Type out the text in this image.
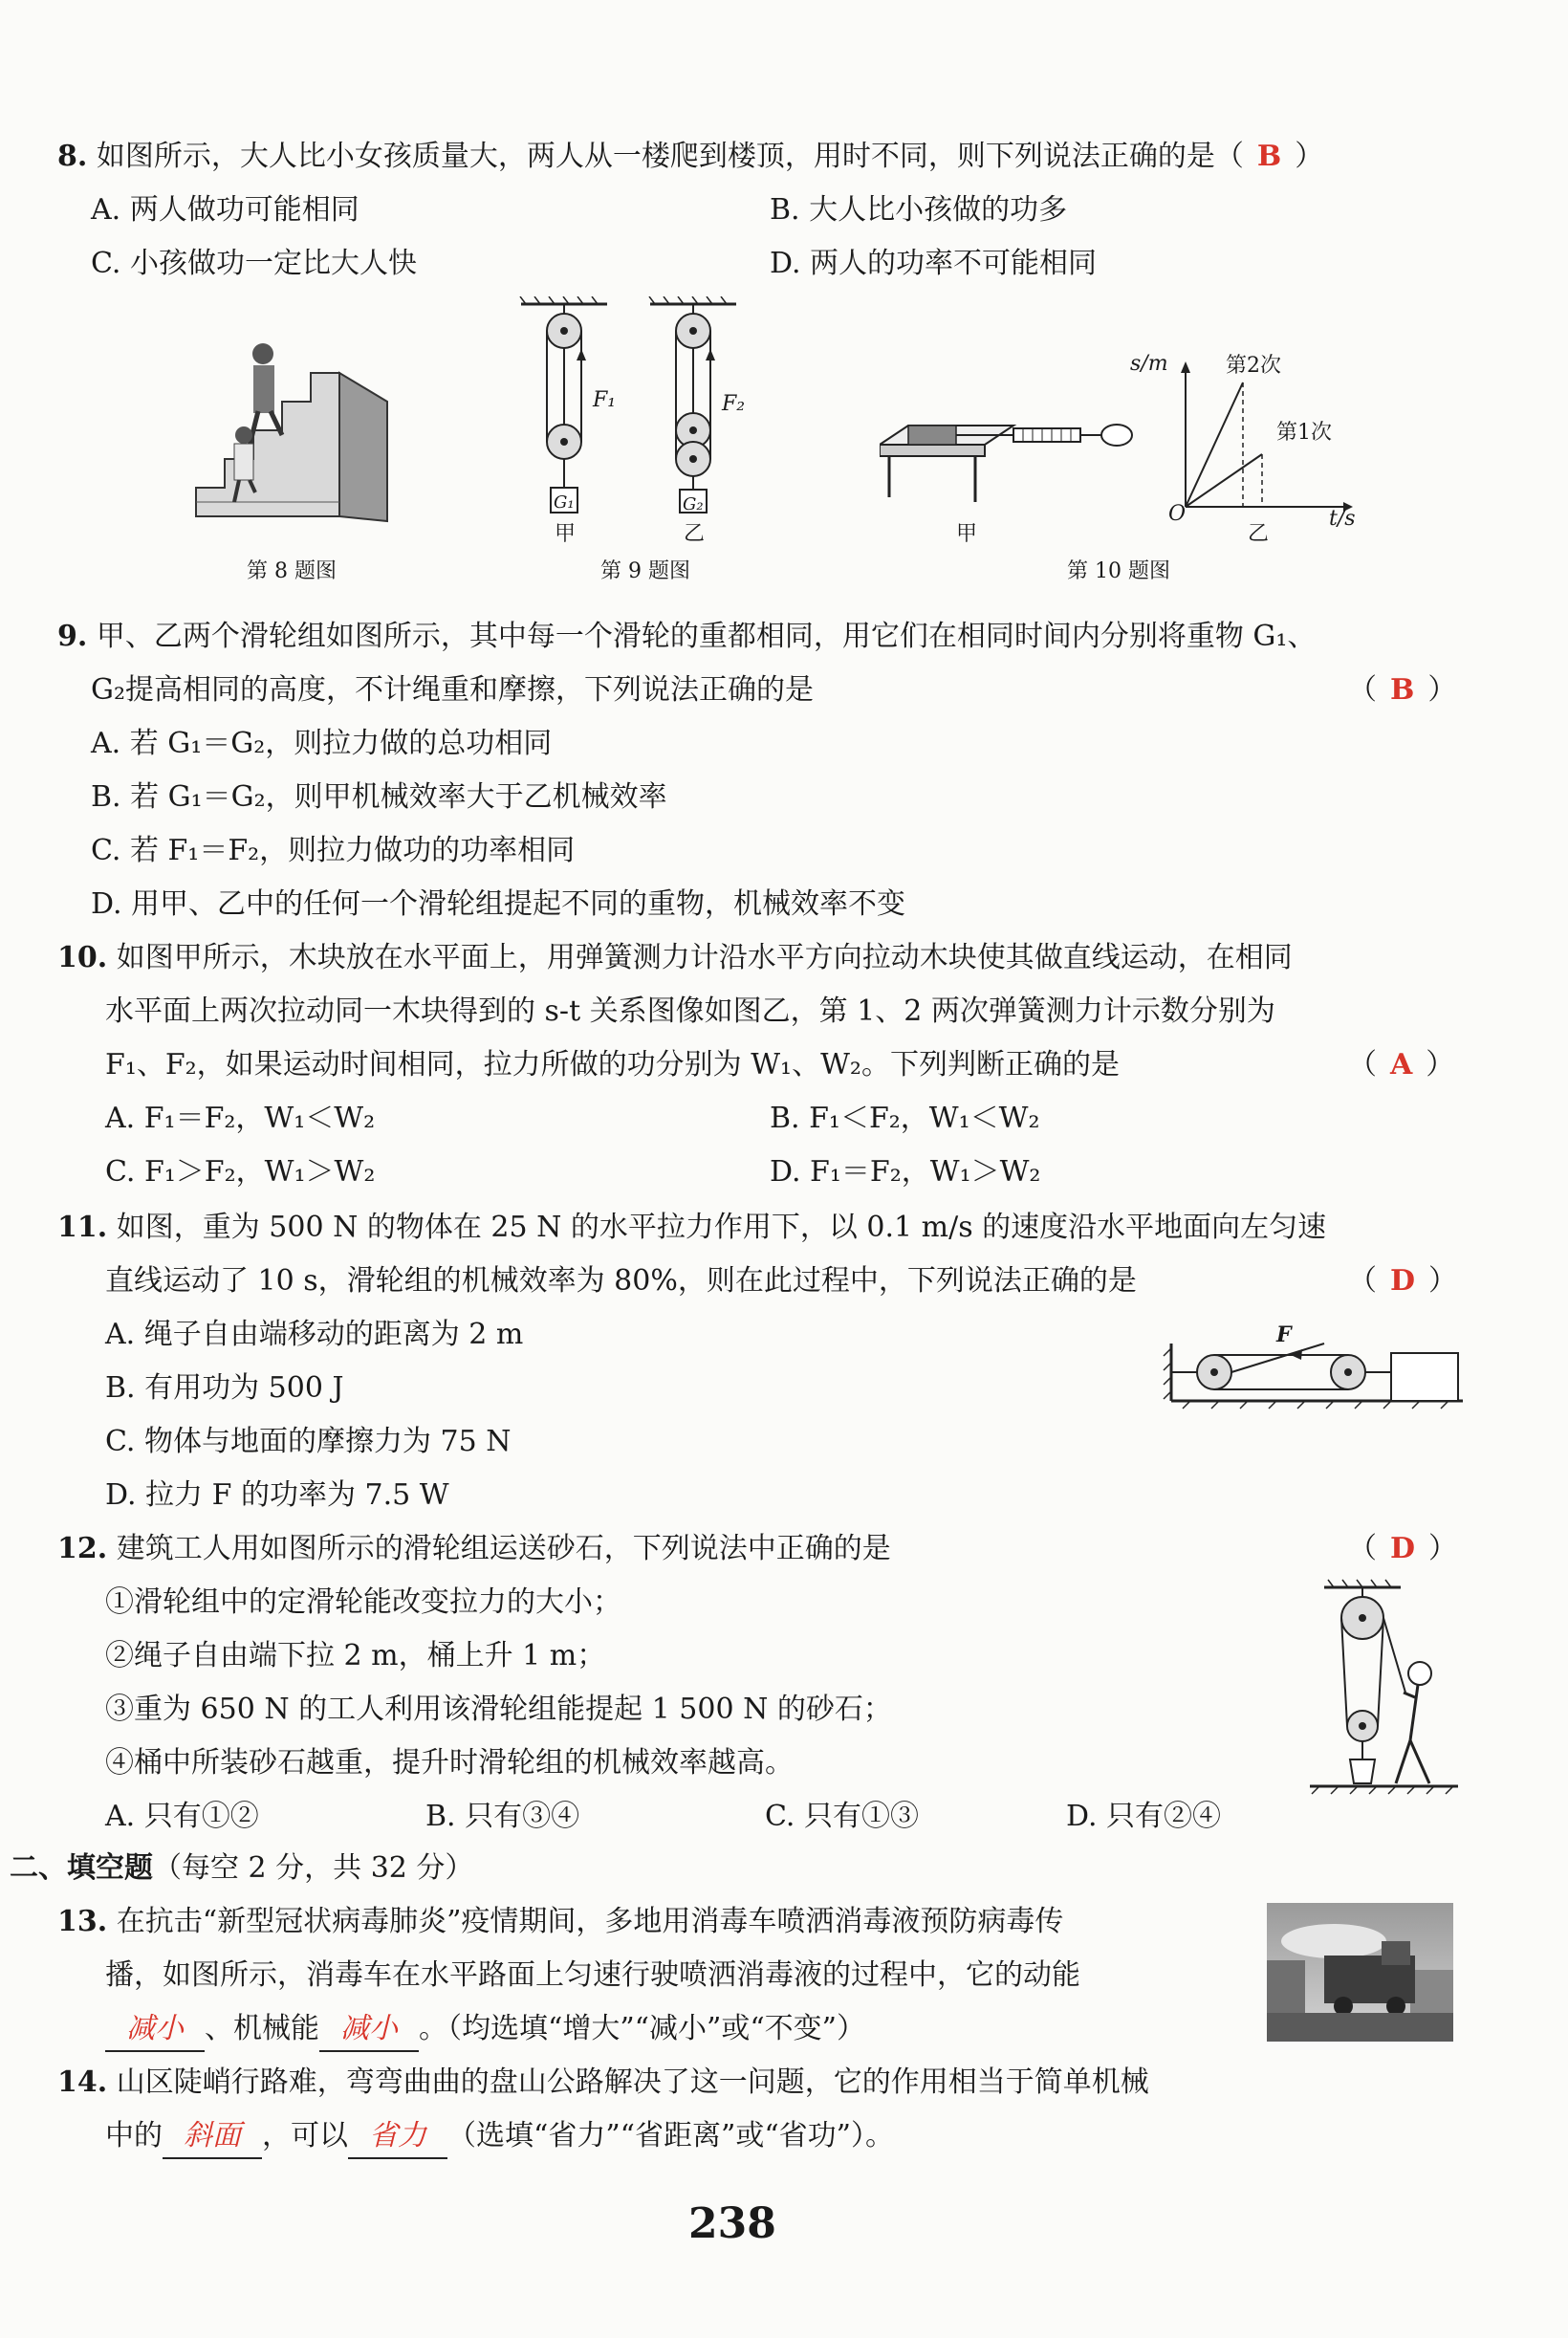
8. 如图所示，大人比小女孩质量大，两人从一楼爬到楼顶，用时不同，则下列说法正确的是（ B ）
A. 两人做功可能相同	B. 大人比小孩做的功多
C. 小孩做功一定比大人快	D. 两人的功率不可能相同
第 8 题图
F₁	F₂
G₁	G₂
甲	乙
第 9 题图
甲
s/m	第2次
第1次
O
乙
t/s
第 10 题图
9. 甲、乙两个滑轮组如图所示，其中每一个滑轮的重都相同，用它们在相同时间内分别将重物 G₁、
G₂提高相同的高度，不计绳重和摩擦，下列说法正确的是	（ B ）
A. 若 G₁＝G₂，则拉力做的总功相同
B. 若 G₁＝G₂，则甲机械效率大于乙机械效率
C. 若 F₁＝F₂，则拉力做功的功率相同
D. 用甲、乙中的任何一个滑轮组提起不同的重物，机械效率不变
10. 如图甲所示，木块放在水平面上，用弹簧测力计沿水平方向拉动木块使其做直线运动，在相同
水平面上两次拉动同一木块得到的 s-t 关系图像如图乙，第 1、2 两次弹簧测力计示数分别为
F₁、F₂，如果运动时间相同，拉力所做的功分别为 W₁、W₂。下列判断正确的是	（ A ）
A. F₁＝F₂，W₁＜W₂	B. F₁＜F₂，W₁＜W₂
C. F₁＞F₂，W₁＞W₂	D. F₁＝F₂，W₁＞W₂
11. 如图，重为 500 N 的物体在 25 N 的水平拉力作用下，以 0.1 m/s 的速度沿水平地面向左匀速
直线运动了 10 s，滑轮组的机械效率为 80%，则在此过程中，下列说法正确的是	（ D ）
A. 绳子自由端移动的距离为 2 m
B. 有用功为 500 J
C. 物体与地面的摩擦力为 75 N
D. 拉力 F 的功率为 7.5 W
F
12. 建筑工人用如图所示的滑轮组运送砂石，下列说法中正确的是	（ D ）
①滑轮组中的定滑轮能改变拉力的大小；
②绳子自由端下拉 2 m，桶上升 1 m；
③重为 650 N 的工人利用该滑轮组能提起 1 500 N 的砂石；
④桶中所装砂石越重，提升时滑轮组的机械效率越高。
A. 只有①②	B. 只有③④	C. 只有①③	D. 只有②④
二、填空题（每空 2 分，共 32 分）
13. 在抗击“新型冠状病毒肺炎”疫情期间，多地用消毒车喷洒消毒液预防病毒传
播，如图所示，消毒车在水平路面上匀速行驶喷洒消毒液的过程中，它的动能
减小 、机械能 减小 。（均选填“增大”“减小”或“不变”）
14. 山区陡峭行路难，弯弯曲曲的盘山公路解决了这一问题，它的作用相当于简单机械
中的 斜面 ，可以 省力 （选填“省力”“省距离”或“省功”）。
238
